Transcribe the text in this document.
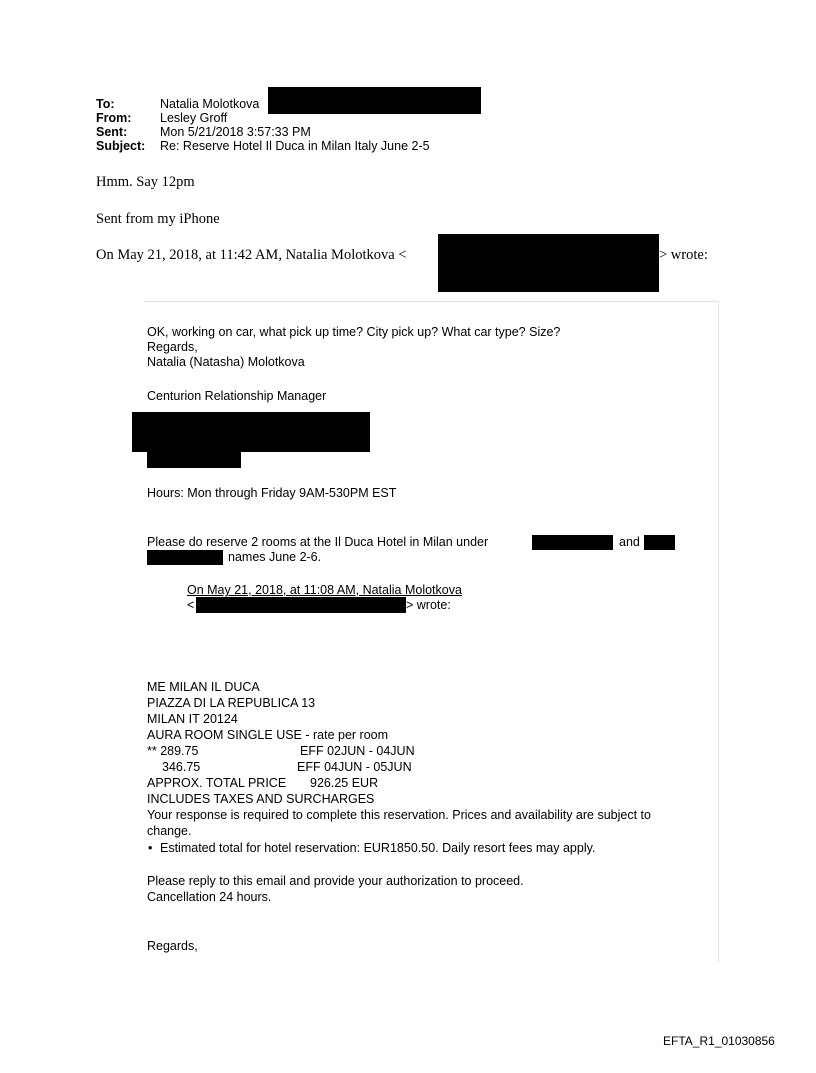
To:	Natalia Molotkova
From: Lesley Groff
Sent:	Mon 5/21/2018 3:57:33 PM
Subject: Re: Reserve Hotel Il Duca in Milan Italy June 2-5
Hmm. Say 12pm
Sent from my iPhone
On May 21, 2018, at 11:42 AM, Natalia Molotkova <	> wrote:
OK, working on car, what pick up time? City pick up? What car type? Size?
Regards,
Natalia (Natasha) Molotkova
Centurion Relationship Manager
Hours: Mon through Friday 9AM-530PM EST
Please do reserve 2 rooms at the Il Duca Hotel in Milan under	and
names June 2-6.
On May 21, 2018, at 11:08 AM, Natalia Molotkova
<	> wrote:
ME MILAN IL DUCA
PIAZZA DI LA REPUBLICA 13
MILAN IT 20124
AURA ROOM SINGLE USE - rate per room
** 289.75	EFF 02JUN - 04JUN
346.75	EFF 04JUN - 05JUN
APPROX. TOTAL PRICE 926.25 EUR
INCLUDES TAXES AND SURCHARGES
Your response is required to complete this reservation. Prices and availability are subject to
change.
• Estimated total for hotel reservation: EUR1850.50. Daily resort fees may apply.
Please reply to this email and provide your authorization to proceed.
Cancellation 24 hours.
Regards,
EFTA_R1_01030856
